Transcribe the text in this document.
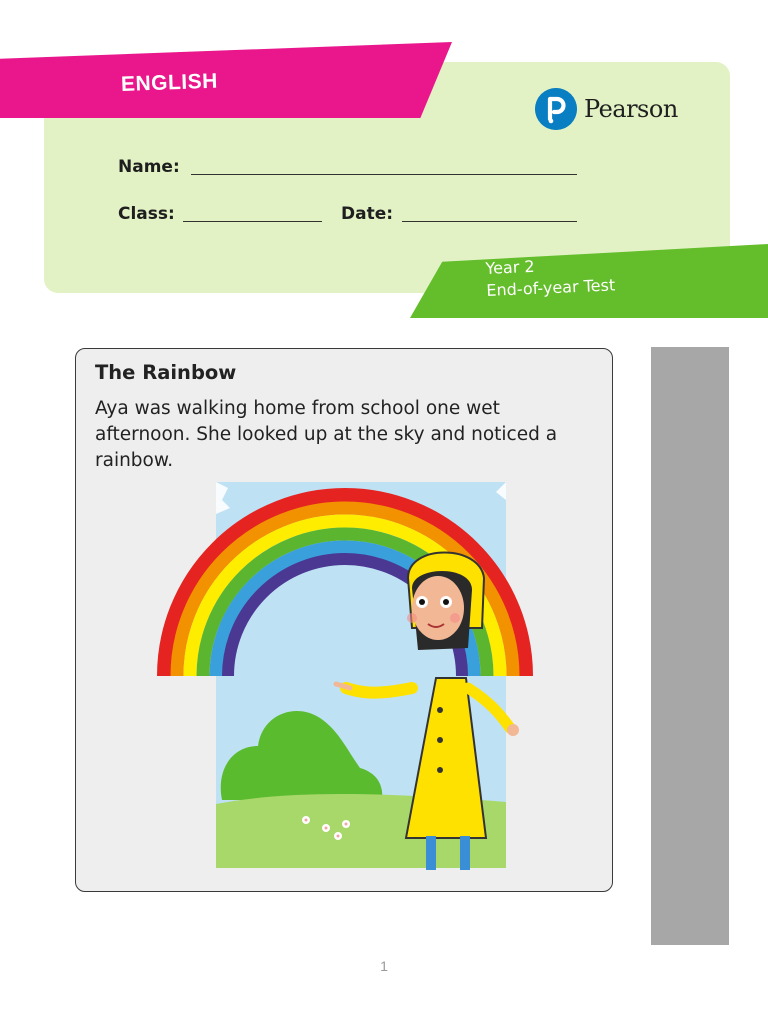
ENGLISH
Pearson
Name:
Class:	Date:
Year 2
End-of-year Test
The Rainbow
Aya was walking home from school one wet afternoon. She looked up at the sky and noticed a rainbow.
1
